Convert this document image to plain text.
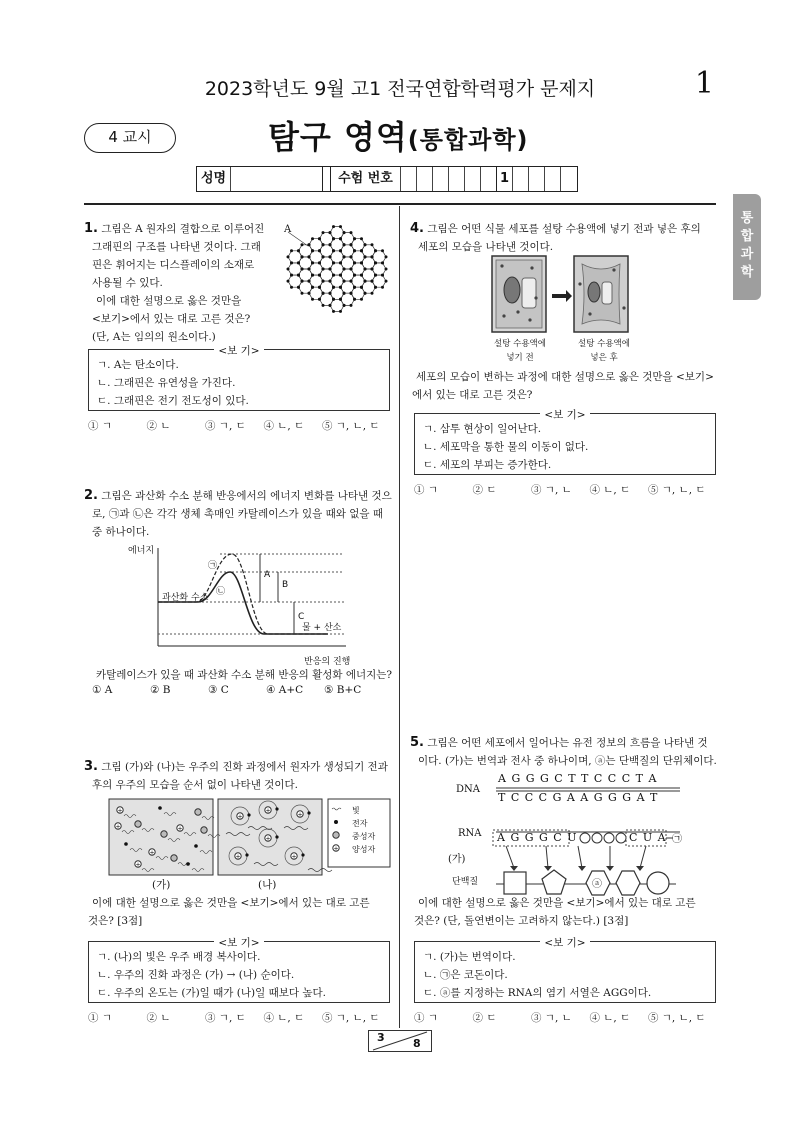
2023학년도 9월 고1 전국연합학력평가 문제지	1
4 교시	탐구 영역(통합과학)
성명	수험 번호	1
통
합
과
학
1. 그림은 A 원자의 결합으로 이루어진
그래핀의 구조를 나타낸 것이다. 그래
핀은 휘어지는 디스플레이의 소재로
사용될 수 있다.
이에 대한 설명으로 옳은 것만을
<보기>에서 있는 대로 고른 것은?
(단, A는 임의의 원소이다.)
A
<보 기>
ㄱ. A는 탄소이다.
ㄴ. 그래핀은 유연성을 가진다.
ㄷ. 그래핀은 전기 전도성이 있다.
① ㄱ	② ㄴ	③ ㄱ, ㄷ	④ ㄴ, ㄷ	⑤ ㄱ, ㄴ, ㄷ
2. 그림은 과산화 수소 분해 반응에서의 에너지 변화를 나타낸 것으
로, ㉠과 ㉡은 각각 생체 촉매인 카탈레이스가 있을 때와 없을 때
중 하나이다.
에너지
반응의 진행
과산화 수소
물 + 산소
㉠
㉡
A
B
C
카탈레이스가 있을 때 과산화 수소 분해 반응의 활성화 에너지는?
① A	② B	③ C	④ A+C	⑤ B+C
3. 그림 (가)와 (나)는 우주의 진화 과정에서 원자가 생성되기 전과
후의 우주의 모습을 순서 없이 나타낸 것이다.
+
+
+
+
+
+
+
+
+	+
+
+
빛
전자
중성자
양성자
(가)	(나)
이에 대한 설명으로 옳은 것만을 <보기>에서 있는 대로 고른
것은? [3점]
<보 기>
ㄱ. (나)의 빛은 우주 배경 복사이다.
ㄴ. 우주의 진화 과정은 (가) → (나) 순이다.
ㄷ. 우주의 온도는 (가)일 때가 (나)일 때보다 높다.
① ㄱ	② ㄴ	③ ㄱ, ㄷ	④ ㄴ, ㄷ	⑤ ㄱ, ㄴ, ㄷ
4. 그림은 어떤 식물 세포를 설탕 수용액에 넣기 전과 넣은 후의
세포의 모습을 나타낸 것이다.
설탕 수용액에
넣기 전
설탕 수용액에
넣은 후
세포의 모습이 변하는 과정에 대한 설명으로 옳은 것만을 <보기>
에서 있는 대로 고른 것은?
<보 기>
ㄱ. 삼투 현상이 일어난다.
ㄴ. 세포막을 통한 물의 이동이 없다.
ㄷ. 세포의 부피는 증가한다.
① ㄱ	② ㄷ	③ ㄱ, ㄴ	④ ㄴ, ㄷ	⑤ ㄱ, ㄴ, ㄷ
5. 그림은 어떤 세포에서 일어나는 유전 정보의 흐름을 나타낸 것
이다. (가)는 번역과 전사 중 하나이며, ⓐ는 단백질의 단위체이다.
DNA
A G G G C T T C C C T A
T C C C G A A G G G A T
RNA A G G G C U	C U A ㉠
(가)
단백질	ⓐ
이에 대한 설명으로 옳은 것만을 <보기>에서 있는 대로 고른
것은? (단, 돌연변이는 고려하지 않는다.) [3점]
<보 기>
ㄱ. (가)는 번역이다.
ㄴ. ㉠은 코돈이다.
ㄷ. ⓐ를 지정하는 RNA의 염기 서열은 AGG이다.
① ㄱ	② ㄷ	③ ㄱ, ㄴ	④ ㄴ, ㄷ	⑤ ㄱ, ㄴ, ㄷ
3	8
